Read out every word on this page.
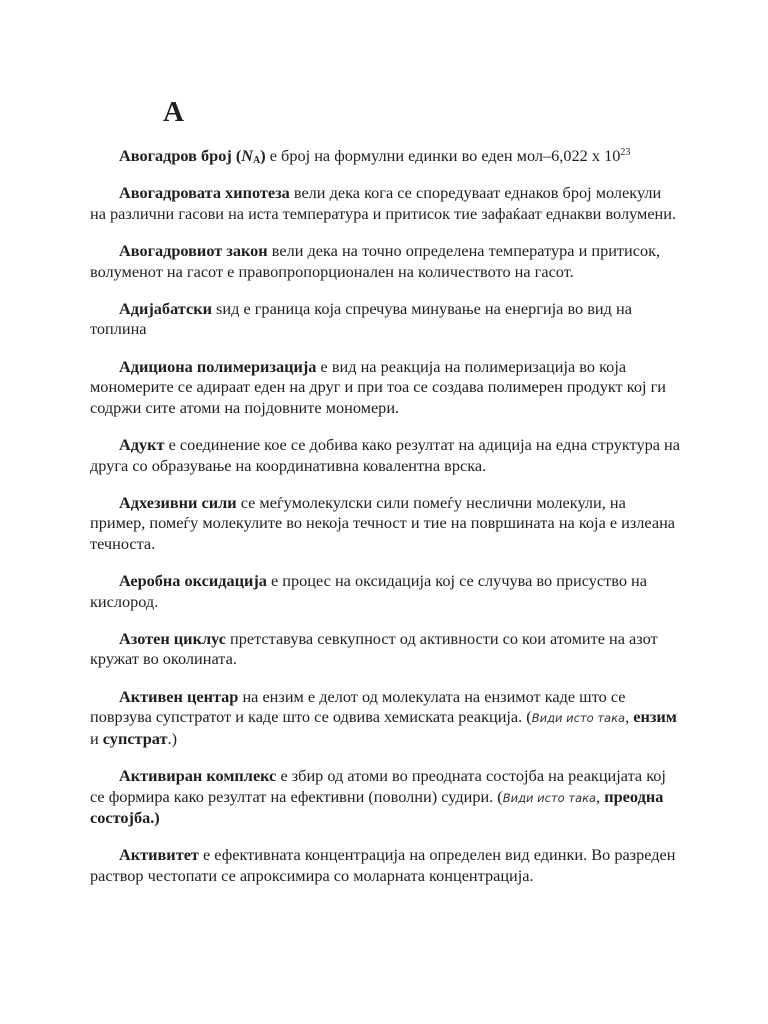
А

Авогадров број $(N_A)$ е број на формулни единки во еден мол–6,022 x $10^{23}$

Авогадровата хипотеза вели дека кога се споредуваат еднаков број молекули на различни гасови на иста температура и притисок тие зафаќаат еднакви волумени.

Авогадровиот закон вели дека на точно определена температура и притисок, волуменот на гасот е правопропорционален на количеството на гасот.

Адијабатски ѕид е граница која спречува минување на енергија во вид на топлина

Адициона полимеризација е вид на реакција на полимеризација во која мономерите се адираат еден на друг и при тоа се создава полимерен продукт кој ги содржи сите атоми на појдовните мономери.

Адукт е соединение кое се добива како резултат на адиција на една структура на друга со образување на координативна ковалентна врска.

Адхезивни сили се меѓумолекулски сили помеѓу неслични молекули, на пример, помеѓу молекулите во некоја течност и тие на површината на која е излеана течноста.

Аеробна оксидација е процес на оксидација кој се случува во присуство на кислород.

Азотен циклус претставува севкупност од активности со кои атомите на азот кружат во околината.

Активен центар на ензим е делот од молекулата на ензимот каде што се поврзува супстратот и каде што се одвива хемиската реакција. (Види исто така, ензим и супстрат.)

Активиран комплекс е збир од атоми во преодната состојба на реакцијата кој се формира како резултат на ефективни (поволни) судири. (Види исто така, преодна состојба.)

Активитет е ефективната концентрација на определен вид единки. Во разреден раствор честопати се апроксимира со моларната концентрација.
